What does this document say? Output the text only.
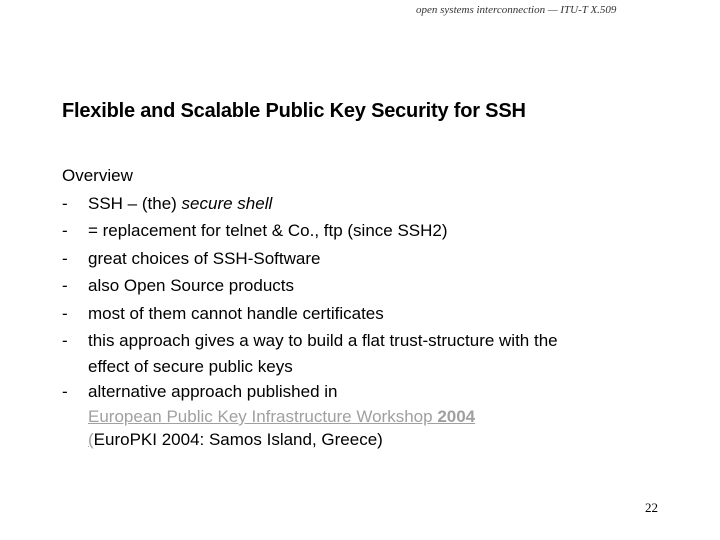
open systems interconnection — ITU-T X.509
Flexible and Scalable Public Key Security for SSH

Overview

- SSH – (the) secure shell
- = replacement for telnet & Co., ftp (since SSH2)
- great choices of SSH-Software
- also Open Source products
- most of them cannot handle certificates
- this approach gives a way to build a flat trust-structure with the
effect of secure public keys
- alternative approach published in
European Public Key Infrastructure Workshop 2004
(EuroPKI 2004: Samos Island, Greece)
22
